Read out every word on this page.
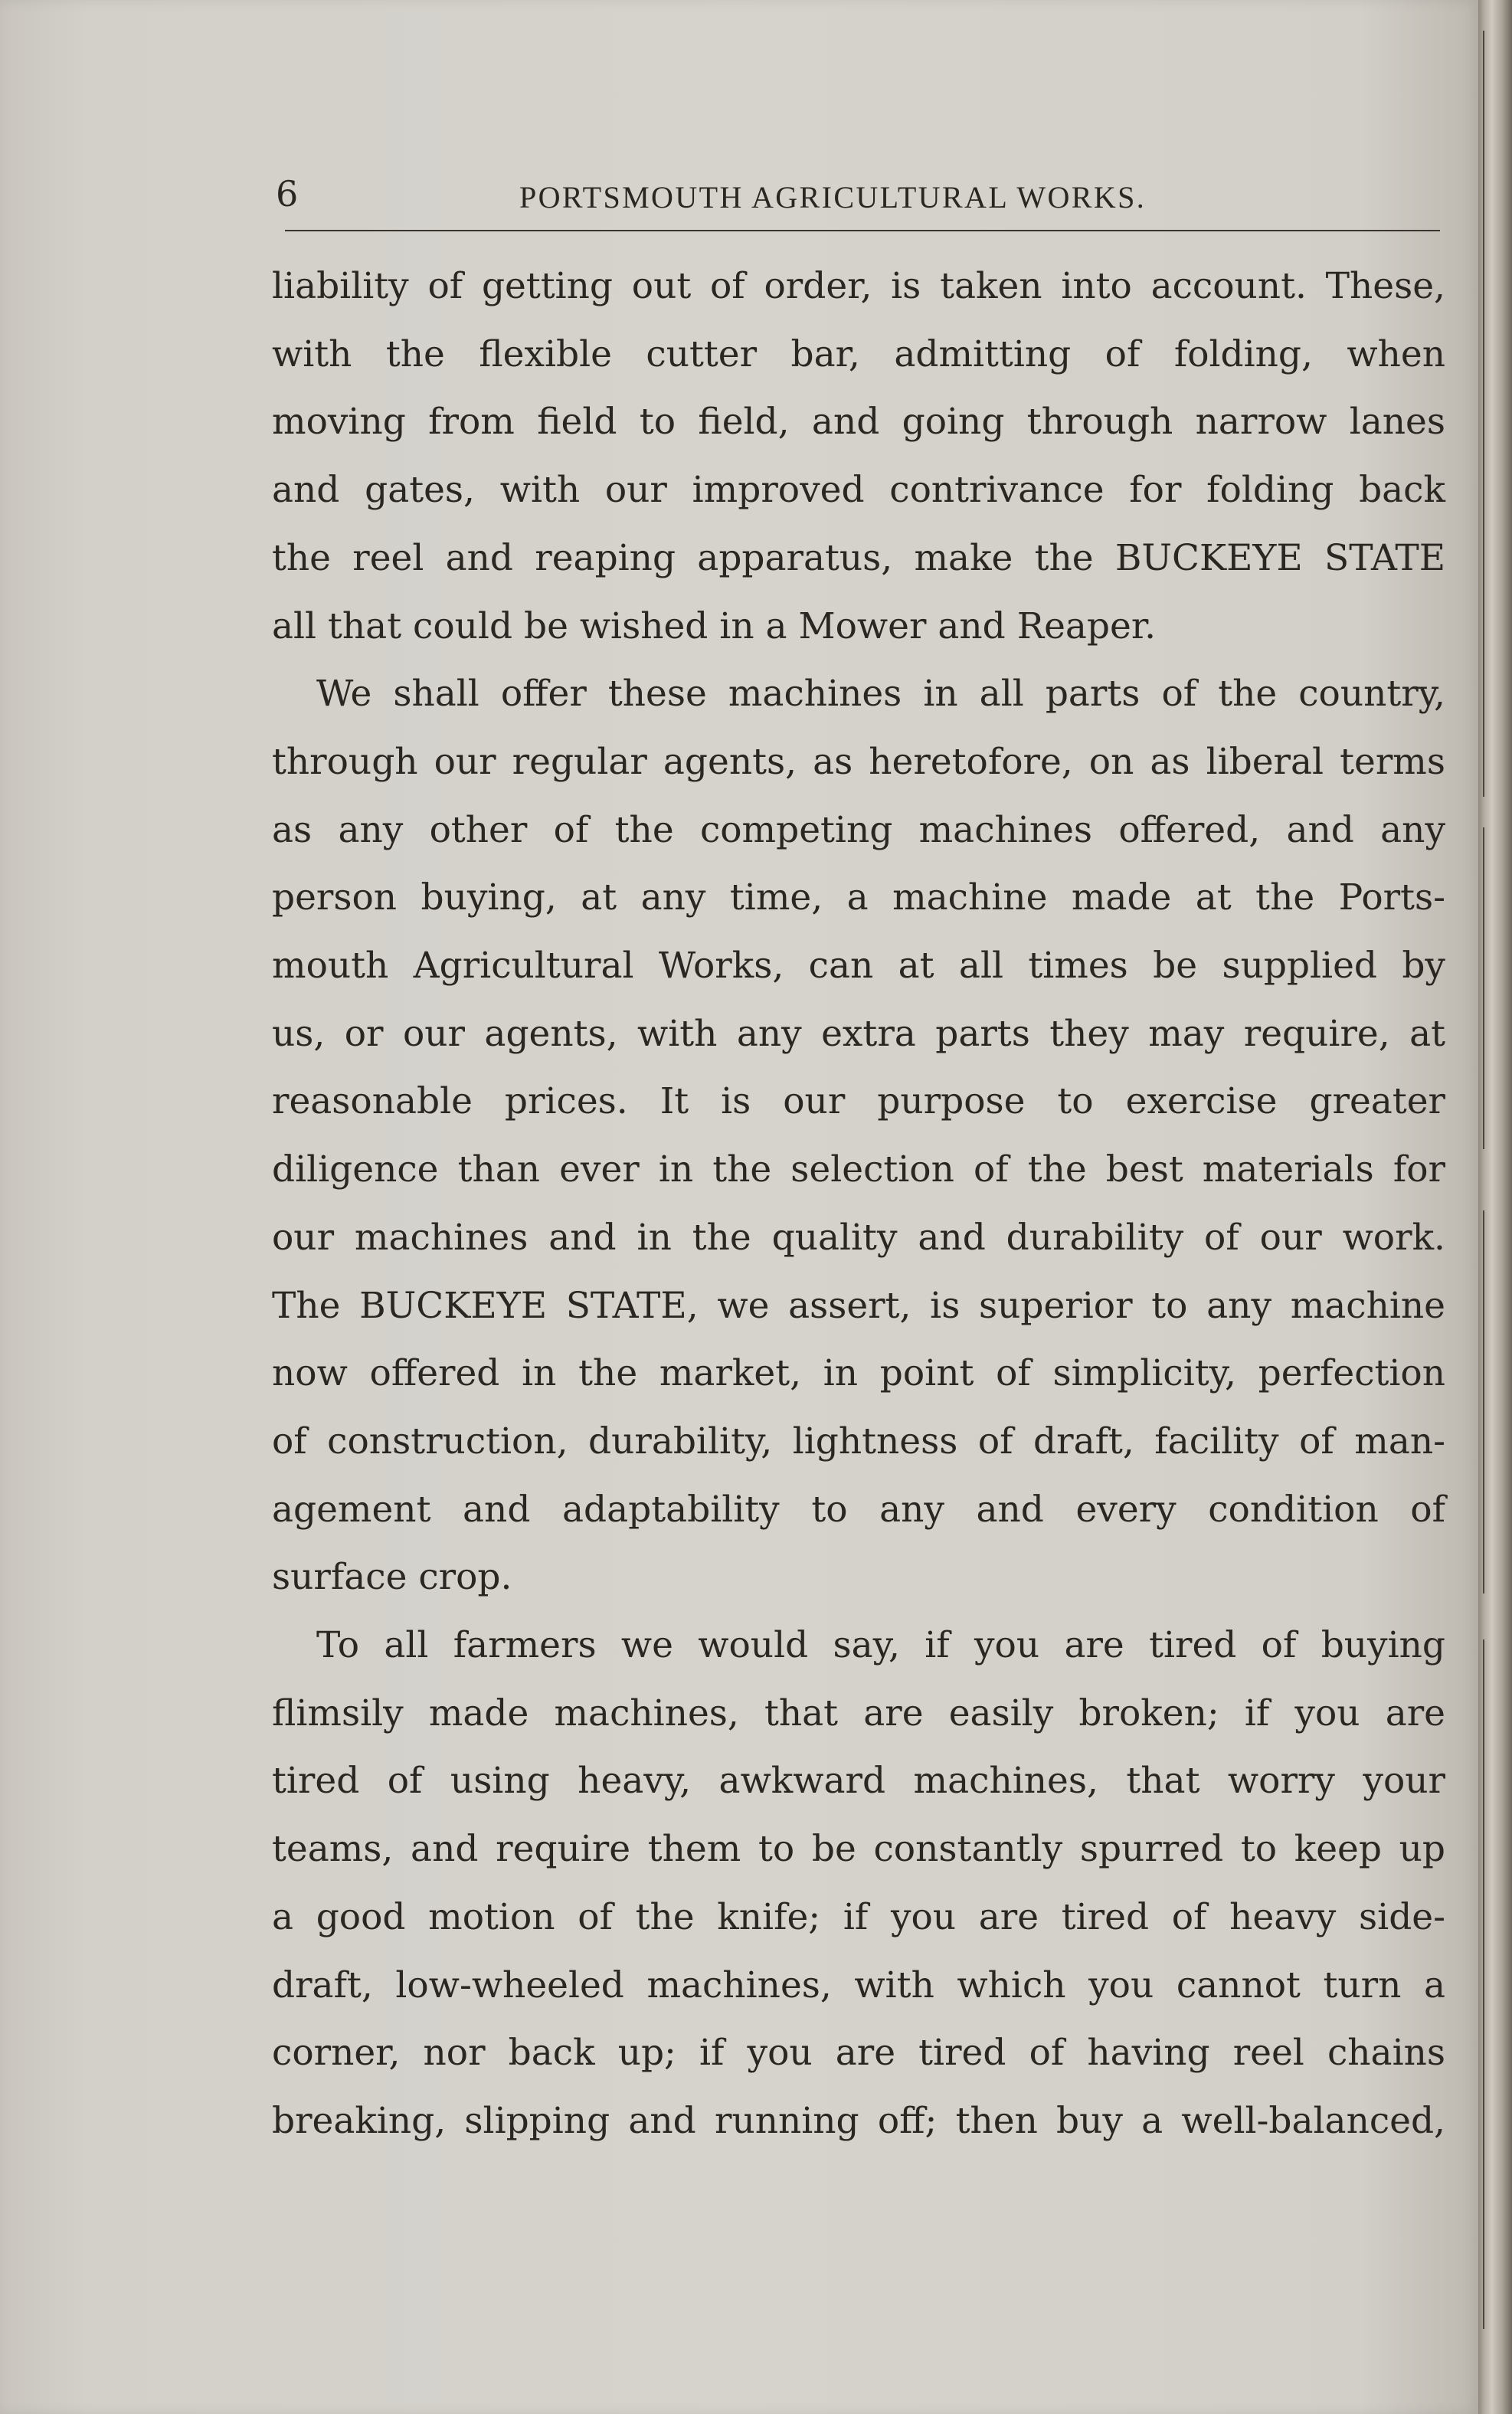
6	PORTSMOUTH AGRICULTURAL WORKS.

liability of getting out of order, is taken into account. These,
with the flexible cutter bar, admitting of folding, when
moving from field to field, and going through narrow lanes
and gates, with our improved contrivance for folding back
the reel and reaping apparatus, make the BUCKEYE STATE
all that could be wished in a Mower and Reaper.

We shall offer these machines in all parts of the country,
through our regular agents, as heretofore, on as liberal terms
as any other of the competing machines offered, and any
person buying, at any time, a machine made at the Ports-
mouth Agricultural Works, can at all times be supplied by
us, or our agents, with any extra parts they may require, at
reasonable prices. It is our purpose to exercise greater
diligence than ever in the selection of the best materials for
our machines and in the quality and durability of our work.
The BUCKEYE STATE, we assert, is superior to any machine
now offered in the market, in point of simplicity, perfection
of construction, durability, lightness of draft, facility of man-
agement and adaptability to any and every condition of
surface crop.

To all farmers we would say, if you are tired of buying
flimsily made machines, that are easily broken; if you are
tired of using heavy, awkward machines, that worry your
teams, and require them to be constantly spurred to keep up
a good motion of the knife; if you are tired of heavy side-
draft, low-wheeled machines, with which you cannot turn a
corner, nor back up; if you are tired of having reel chains
breaking, slipping and running off; then buy a well-balanced,
